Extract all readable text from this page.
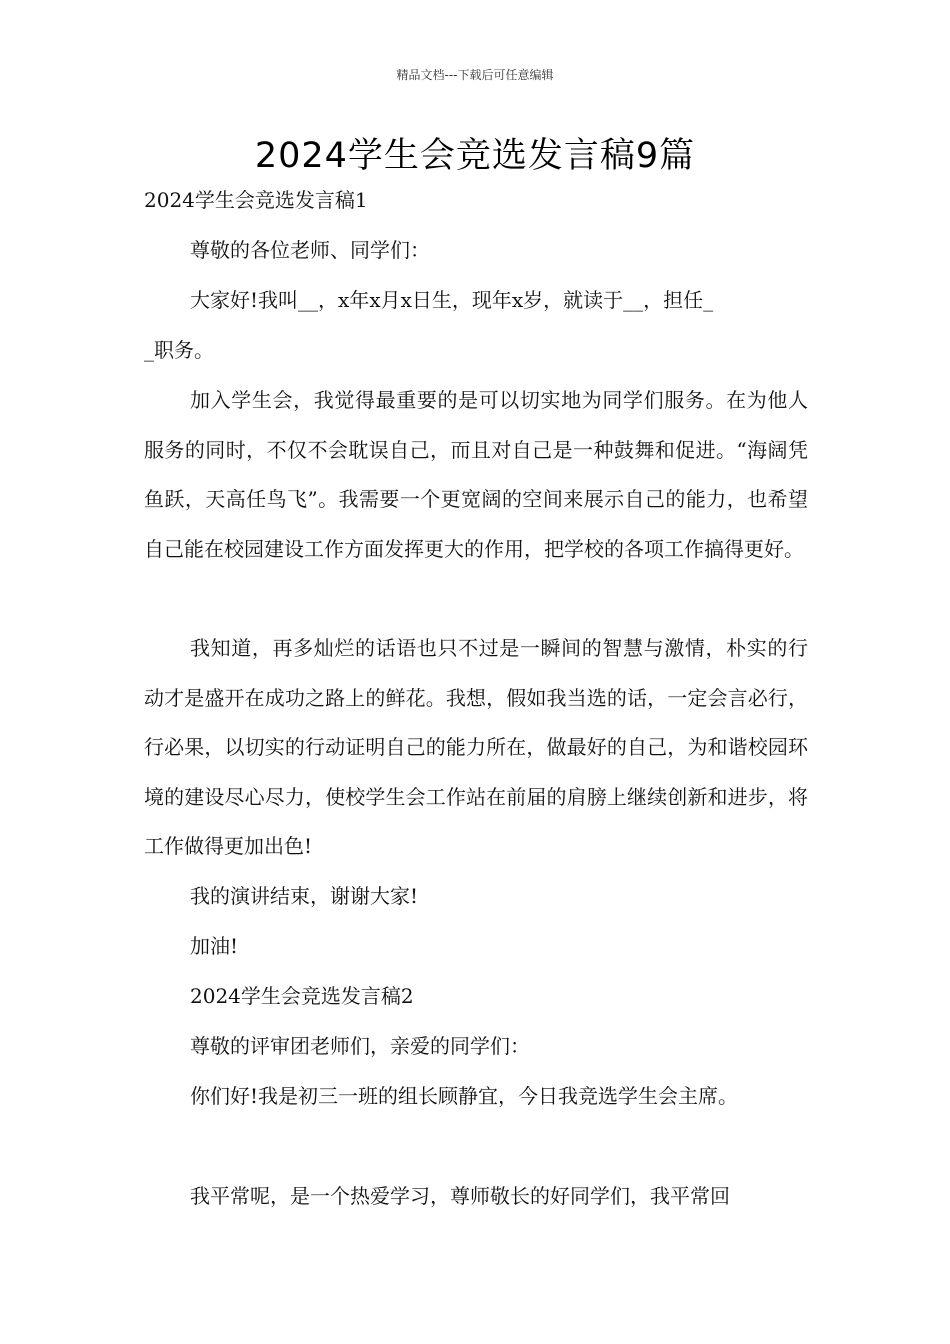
精品文档---下载后可任意编辑
2024学生会竞选发言稿9篇
2024学生会竞选发言稿1
尊敬的各位老师、同学们：
大家好!我叫__，x年x月x日生，现年x岁，就读于__，担任_
_职务。
加入学生会，我觉得最重要的是可以切实地为同学们服务。在为他人服务的同时，不仅不会耽误自己，而且对自己是一种鼓舞和促进。“海阔凭鱼跃，天高任鸟飞”。我需要一个更宽阔的空间来展示自己的能力，也希望自己能在校园建设工作方面发挥更大的作用，把学校的各项工作搞得更好。
我知道，再多灿烂的话语也只不过是一瞬间的智慧与激情，朴实的行动才是盛开在成功之路上的鲜花。我想，假如我当选的话，一定会言必行，行必果，以切实的行动证明自己的能力所在，做最好的自己，为和谐校园环境的建设尽心尽力，使校学生会工作站在前届的肩膀上继续创新和进步，将工作做得更加出色!
我的演讲结束，谢谢大家!
加油!
2024学生会竞选发言稿2
尊敬的评审团老师们，亲爱的同学们：
你们好!我是初三一班的组长顾静宜，今日我竞选学生会主席。
我平常呢，是一个热爱学习，尊师敬长的好同学们，我平常回
